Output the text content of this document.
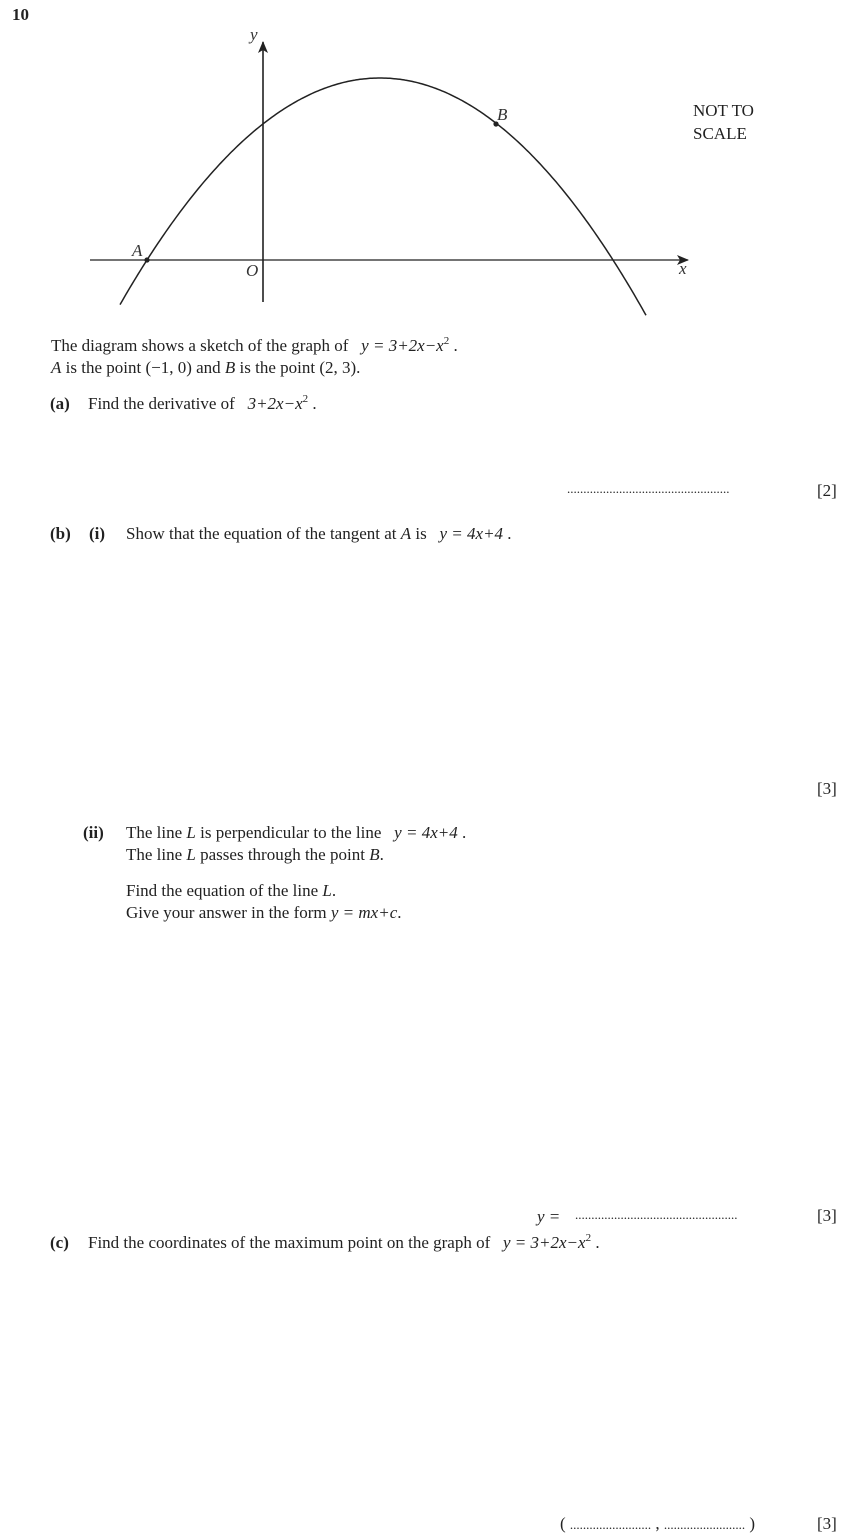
10
y
x
O
A
B	NOT TO
SCALE
The diagram shows a sketch of the graph of $y = 3+2x-x^2$ .
A is the point (−1, 0) and B is the point (2, 3).
(a) Find the derivative of $3+2x-x^2$ .
..................................................	[2]
(b) (i) Show that the equation of the tangent at A is y = 4x+4 .
[3]
(ii) The line L is perpendicular to the line y = 4x+4 .
The line L passes through the point B.
Find the equation of the line L.
Give your answer in the form y = mx+c.
y = ..................................................	[3]
(c) Find the coordinates of the maximum point on the graph of $y = 3+2x-x^2$ .
( ......................... , ......................... )	[3]
